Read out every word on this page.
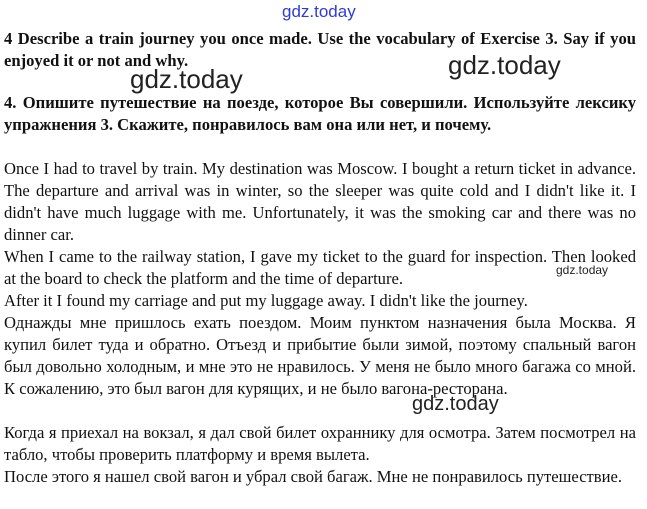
gdz.today

4 Describe a train journey you once made. Use the vocabulary of Exercise 3. Say if you enjoyed it or not and why.

gdz.today	gdz.today

4. Опишите путешествие на поезде, которое Вы совершили. Используйте лексику упражнения 3. Скажите, понравилось вам она или нет, и почему.

Once I had to travel by train. My destination was Moscow. I bought a return ticket in advance. The departure and arrival was in winter, so the sleeper was quite cold and I didn't like it. I didn't have much luggage with me. Unfortunately, it was the smoking car and there was no dinner car.

When I came to the railway station, I gave my ticket to the guard for inspection. Then looked at the board to check the platform and the time of departure.	gdz.today

After it I found my carriage and put my luggage away. I didn't like the journey.

Однажды мне пришлось ехать поездом. Моим пунктом назначения была Москва. Я купил билет туда и обратно. Отъезд и прибытие были зимой, поэтому спальный вагон был довольно холодным, и мне это не нравилось. У меня не было много багажа со мной. К сожалению, это был вагон для курящих, и не было вагона-ресторана.

gdz.today

Когда я приехал на вокзал, я дал свой билет охраннику для осмотра. Затем посмотрел на табло, чтобы проверить платформу и время вылета.

После этого я нашел свой вагон и убрал свой багаж. Мне не понравилось путешествие.
